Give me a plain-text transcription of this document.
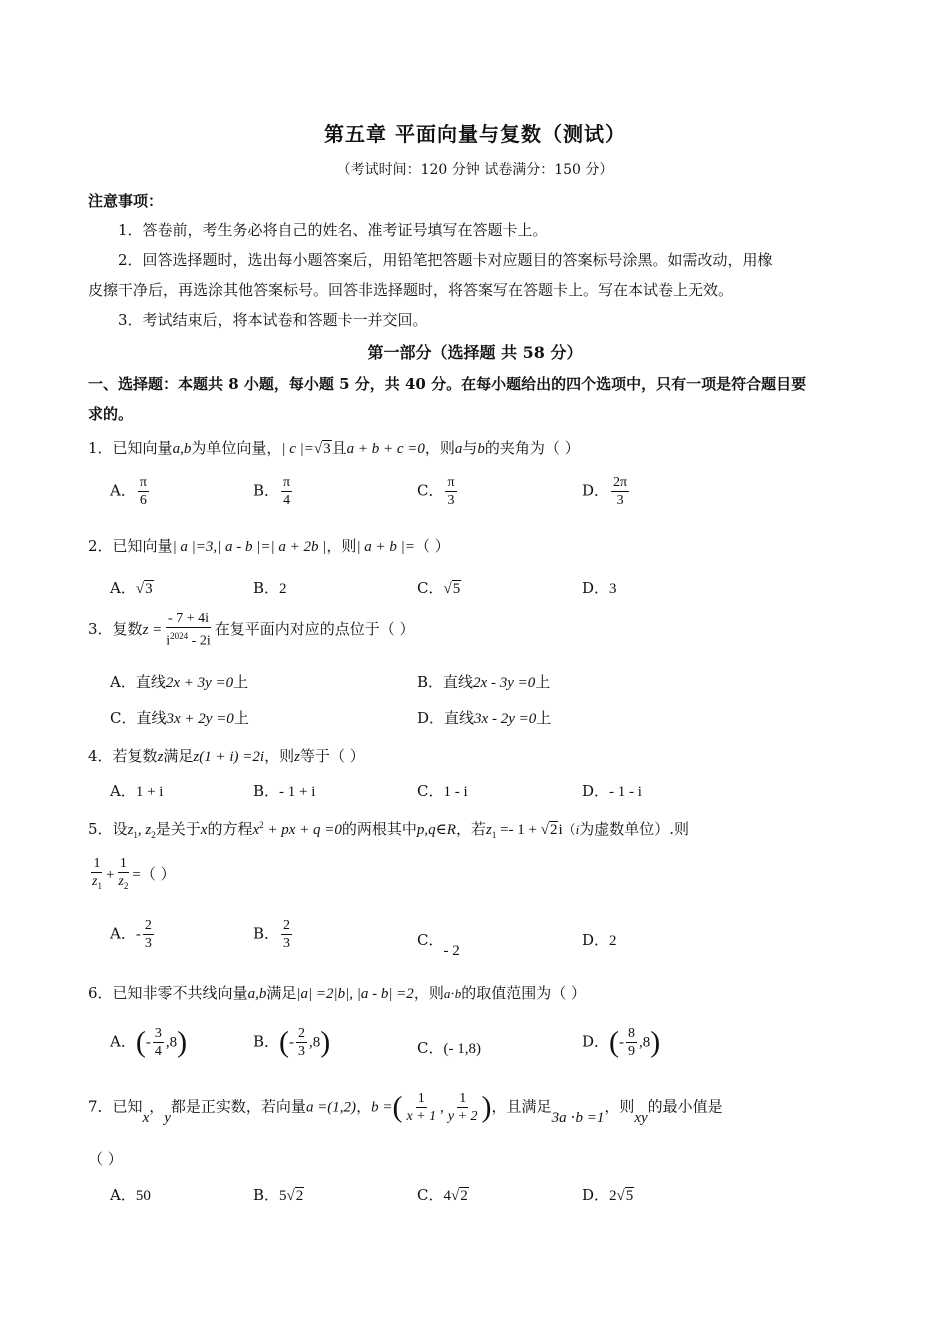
第五章 平面向量与复数（测试）
（考试时间：120 分钟 试卷满分：150 分）
注意事项：
1．答卷前，考生务必将自己的姓名、准考证号填写在答题卡上。
2．回答选择题时，选出每小题答案后，用铅笔把答题卡对应题目的答案标号涂黑。如需改动，用橡
皮擦干净后，再选涂其他答案标号。回答非选择题时，将答案写在答题卡上。写在本试卷上无效。
3．考试结束后，将本试卷和答题卡一并交回。
第一部分（选择题 共 58 分）
一、选择题：本题共 8 小题，每小题 5 分，共 40 分。在每小题给出的四个选项中，只有一项是符合题目要
求的。
1．已知向量a,b为单位向量，| c |=√3且a + b + c =0，则a与b的夹角为（ ）
A． $\frac{\pi}{6}$	B． $\frac{\pi}{4}$	C． $\frac{\pi}{3}$	D． $\frac{2\pi}{3}$
2．已知向量| a |=3,| a - b |=| a + 2b |，则| a + b |=（ ）
A．√3	B．2	C．√5	D．3
3．复数$z = \frac{- 7 + 4i}{i^{2024} - 2i}$ 在复平面内对应的点位于（ ）
A．直线2x + 3y =0上	B．直线2x - 3y =0上
C．直线3x + 2y =0上	D．直线3x - 2y =0上
4．若复数z满足z(1 + i) =2i，则z等于（ ）
A．1 + i	B．- 1 + i	C．1 - i	D．- 1 - i
5．设$z_1$, $z_2$是关于x的方程$x^2$ + px + q =0的两根其中p,q∈R，若$z_1 =- 1 + √2i(i$为虚数单位）.则
$\frac{1}{z_1} + \frac{1}{z_2}$ =（ ）
A．- $\frac{2}{3}$	B． $\frac{2}{3}$	C．- 2
D．2
6．已知非零不共线向量a,b满足|a| =2|b|, |a - b| =2，则a⋅b的取值范围为（ ）
A．(- $\frac{3}{4} ,8$)	B．(- $\frac{2}{3} ,8$)	C．(- 1,8)	D．(- $\frac{8}{9} ,8$)
7．已知x，y都是正实数，若向量a =(1,2)，b =( $\frac{1}{x + 1}$ , $\frac{1}{y + 2}$ )，且满足3a ⋅b =1，则xy的最小值是
（ ）
A．50	B．5√2	C．4√2	D．2√5
